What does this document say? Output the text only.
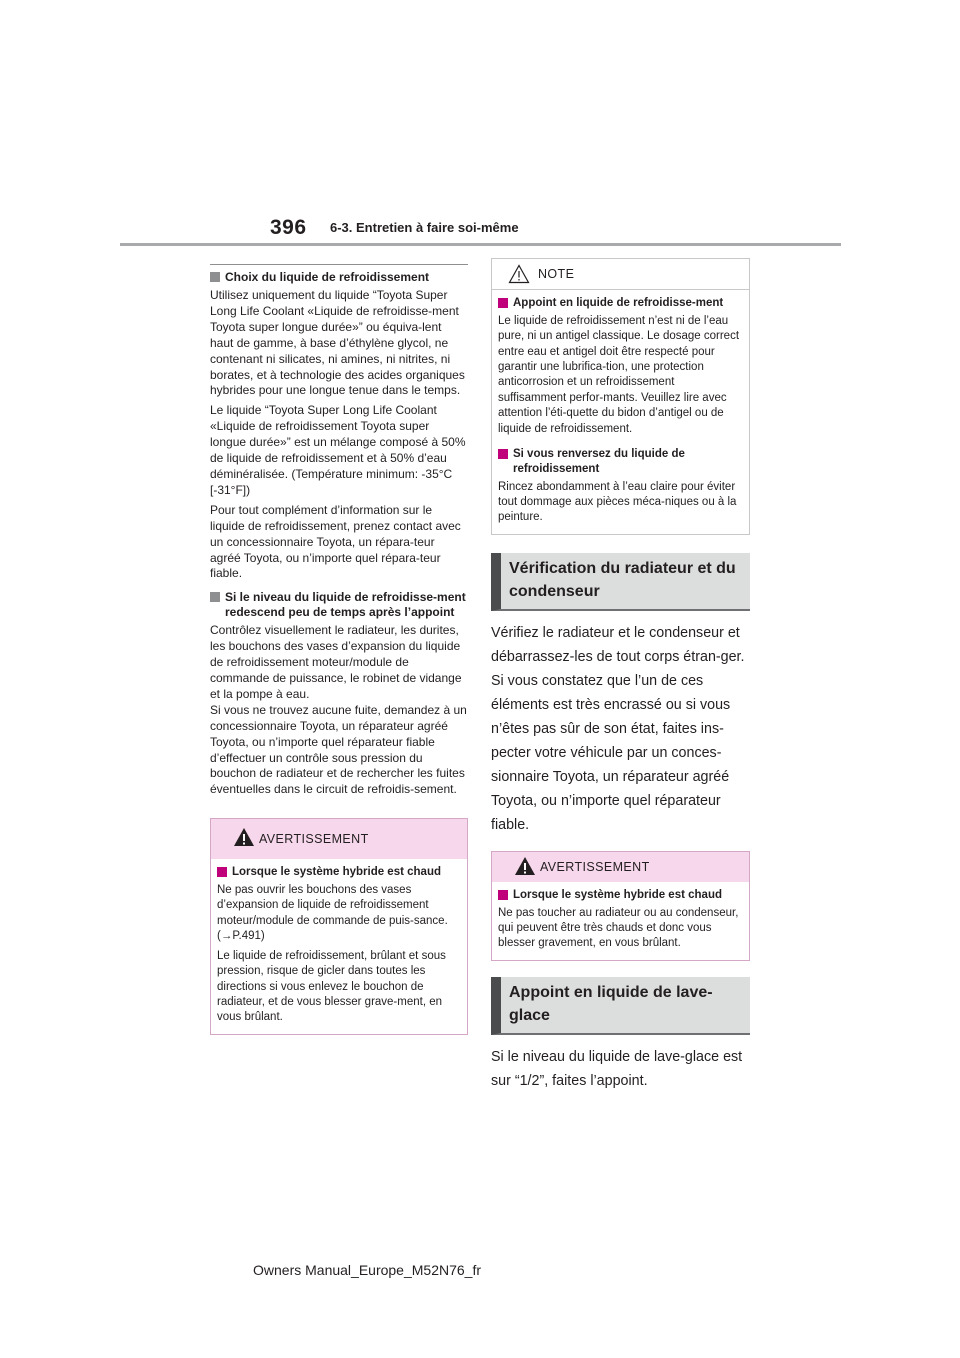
396 6-3. Entretien à faire soi-même
Choix du liquide de refroidissement

Utilisez uniquement du liquide “Toyota Super Long Life Coolant «Liquide de refroidisse-ment Toyota super longue durée»” ou équiva-lent haut de gamme, à base d’éthylène glycol, ne contenant ni silicates, ni amines, ni nitrites, ni borates, et à technologie des acides organiques hybrides pour une longue tenue dans le temps.

Le liquide “Toyota Super Long Life Coolant «Liquide de refroidissement Toyota super longue durée»” est un mélange composé à 50% de liquide de refroidissement et à 50% d’eau déminéralisée. (Température minimum: -35°C [-31°F])

Pour tout complément d’information sur le liquide de refroidissement, prenez contact avec un concessionnaire Toyota, un répara-teur agréé Toyota, ou n’importe quel répara-teur fiable.

Si le niveau du liquide de refroidisse-ment redescend peu de temps après l’appoint

Contrôlez visuellement le radiateur, les durites, les bouchons des vases d’expansion du liquide de refroidissement moteur/module de commande de puissance, le robinet de vidange et la pompe à eau.

Si vous ne trouvez aucune fuite, demandez à un concessionnaire Toyota, un réparateur agréé Toyota, ou n’importe quel réparateur fiable d’effectuer un contrôle sous pression du bouchon de radiateur et de rechercher les fuites éventuelles dans le circuit de refroidis-sement.

AVERTISSEMENT
Lorsque le système hybride est chaud

Ne pas ouvrir les bouchons des vases d’expansion de liquide de refroidissement moteur/module de commande de puis-sance. (→P.491)

Le liquide de refroidissement, brûlant et sous pression, risque de gicler dans toutes les directions si vous enlevez le bouchon de radiateur, et de vous blesser grave-ment, en vous brûlant.

NOTE
Appoint en liquide de refroidisse-ment

Le liquide de refroidissement n’est ni de l’eau pure, ni un antigel classique. Le dosage correct entre eau et antigel doit être respecté pour garantir une lubrifica-tion, une protection anticorrosion et un refroidissement suffisamment perfor-mants. Veuillez lire avec attention l’éti-quette du bidon d’antigel ou de liquide de refroidissement.

Si vous renversez du liquide de refroidissement

Rincez abondamment à l’eau claire pour éviter tout dommage aux pièces méca-niques ou à la peinture.

Vérification du radiateur et du condenseur

Vérifiez le radiateur et le condenseur et débarrassez-les de tout corps étran-ger. Si vous constatez que l’un de ces éléments est très encrassé ou si vous n’êtes pas sûr de son état, faites ins-pecter votre véhicule par un conces-sionnaire Toyota, un réparateur agréé Toyota, ou n’importe quel réparateur fiable.

AVERTISSEMENT
Lorsque le système hybride est chaud

Ne pas toucher au radiateur ou au condenseur, qui peuvent être très chauds et donc vous blesser gravement, en vous brûlant.

Appoint en liquide de lave-glace

Si le niveau du liquide de lave-glace est sur “1/2”, faites l’appoint.

Owners Manual_Europe_M52N76_fr
